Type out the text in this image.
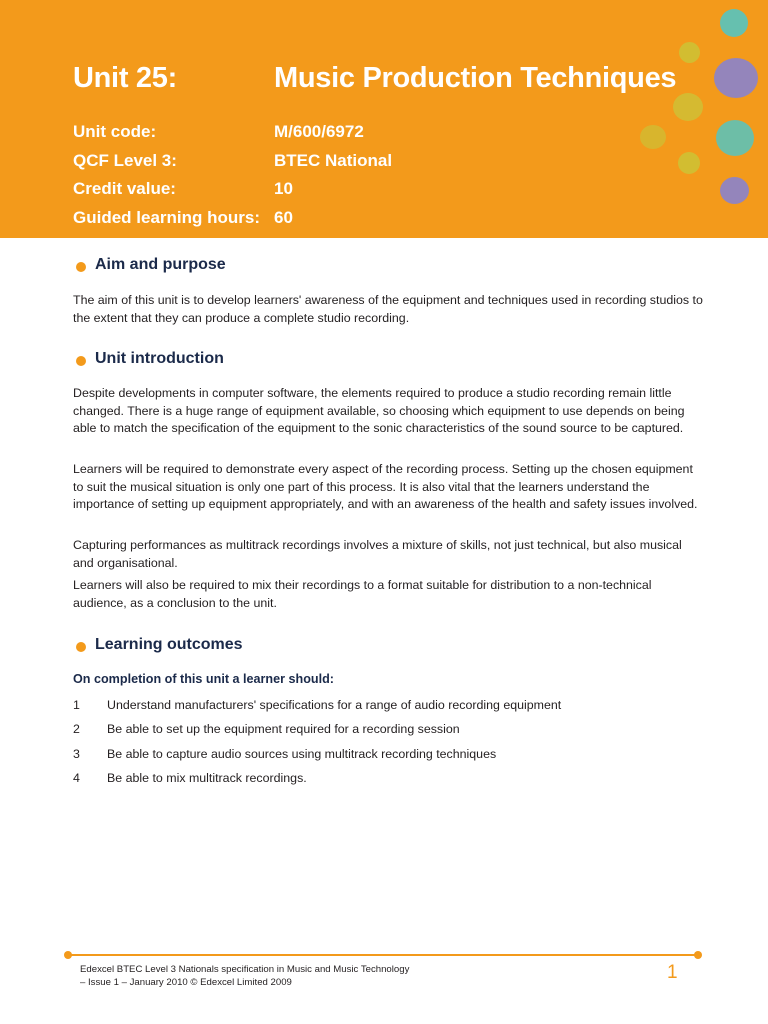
Unit 25:	Music Production Techniques
Unit code:	M/600/6972
QCF Level 3:	BTEC National
Credit value:	10
Guided learning hours: 60
Aim and purpose
The aim of this unit is to develop learners' awareness of the equipment and techniques used in recording studios to the extent that they can produce a complete studio recording.
Unit introduction
Despite developments in computer software, the elements required to produce a studio recording remain little changed. There is a huge range of equipment available, so choosing which equipment to use depends on being able to match the specification of the equipment to the sonic characteristics of the sound source to be captured.
Learners will be required to demonstrate every aspect of the recording process. Setting up the chosen equipment to suit the musical situation is only one part of this process. It is also vital that the learners understand the importance of setting up equipment appropriately, and with an awareness of the health and safety issues involved.
Capturing performances as multitrack recordings involves a mixture of skills, not just technical, but also musical and organisational.
Learners will also be required to mix their recordings to a format suitable for distribution to a non-technical audience, as a conclusion to the unit.
Learning outcomes
On completion of this unit a learner should:
1 Understand manufacturers' specifications for a range of audio recording equipment
2 Be able to set up the equipment required for a recording session
3 Be able to capture audio sources using multitrack recording techniques
4 Be able to mix multitrack recordings.
Edexcel BTEC Level 3 Nationals specification in Music and Music Technology
– Issue 1 – January 2010 © Edexcel Limited 2009	1
